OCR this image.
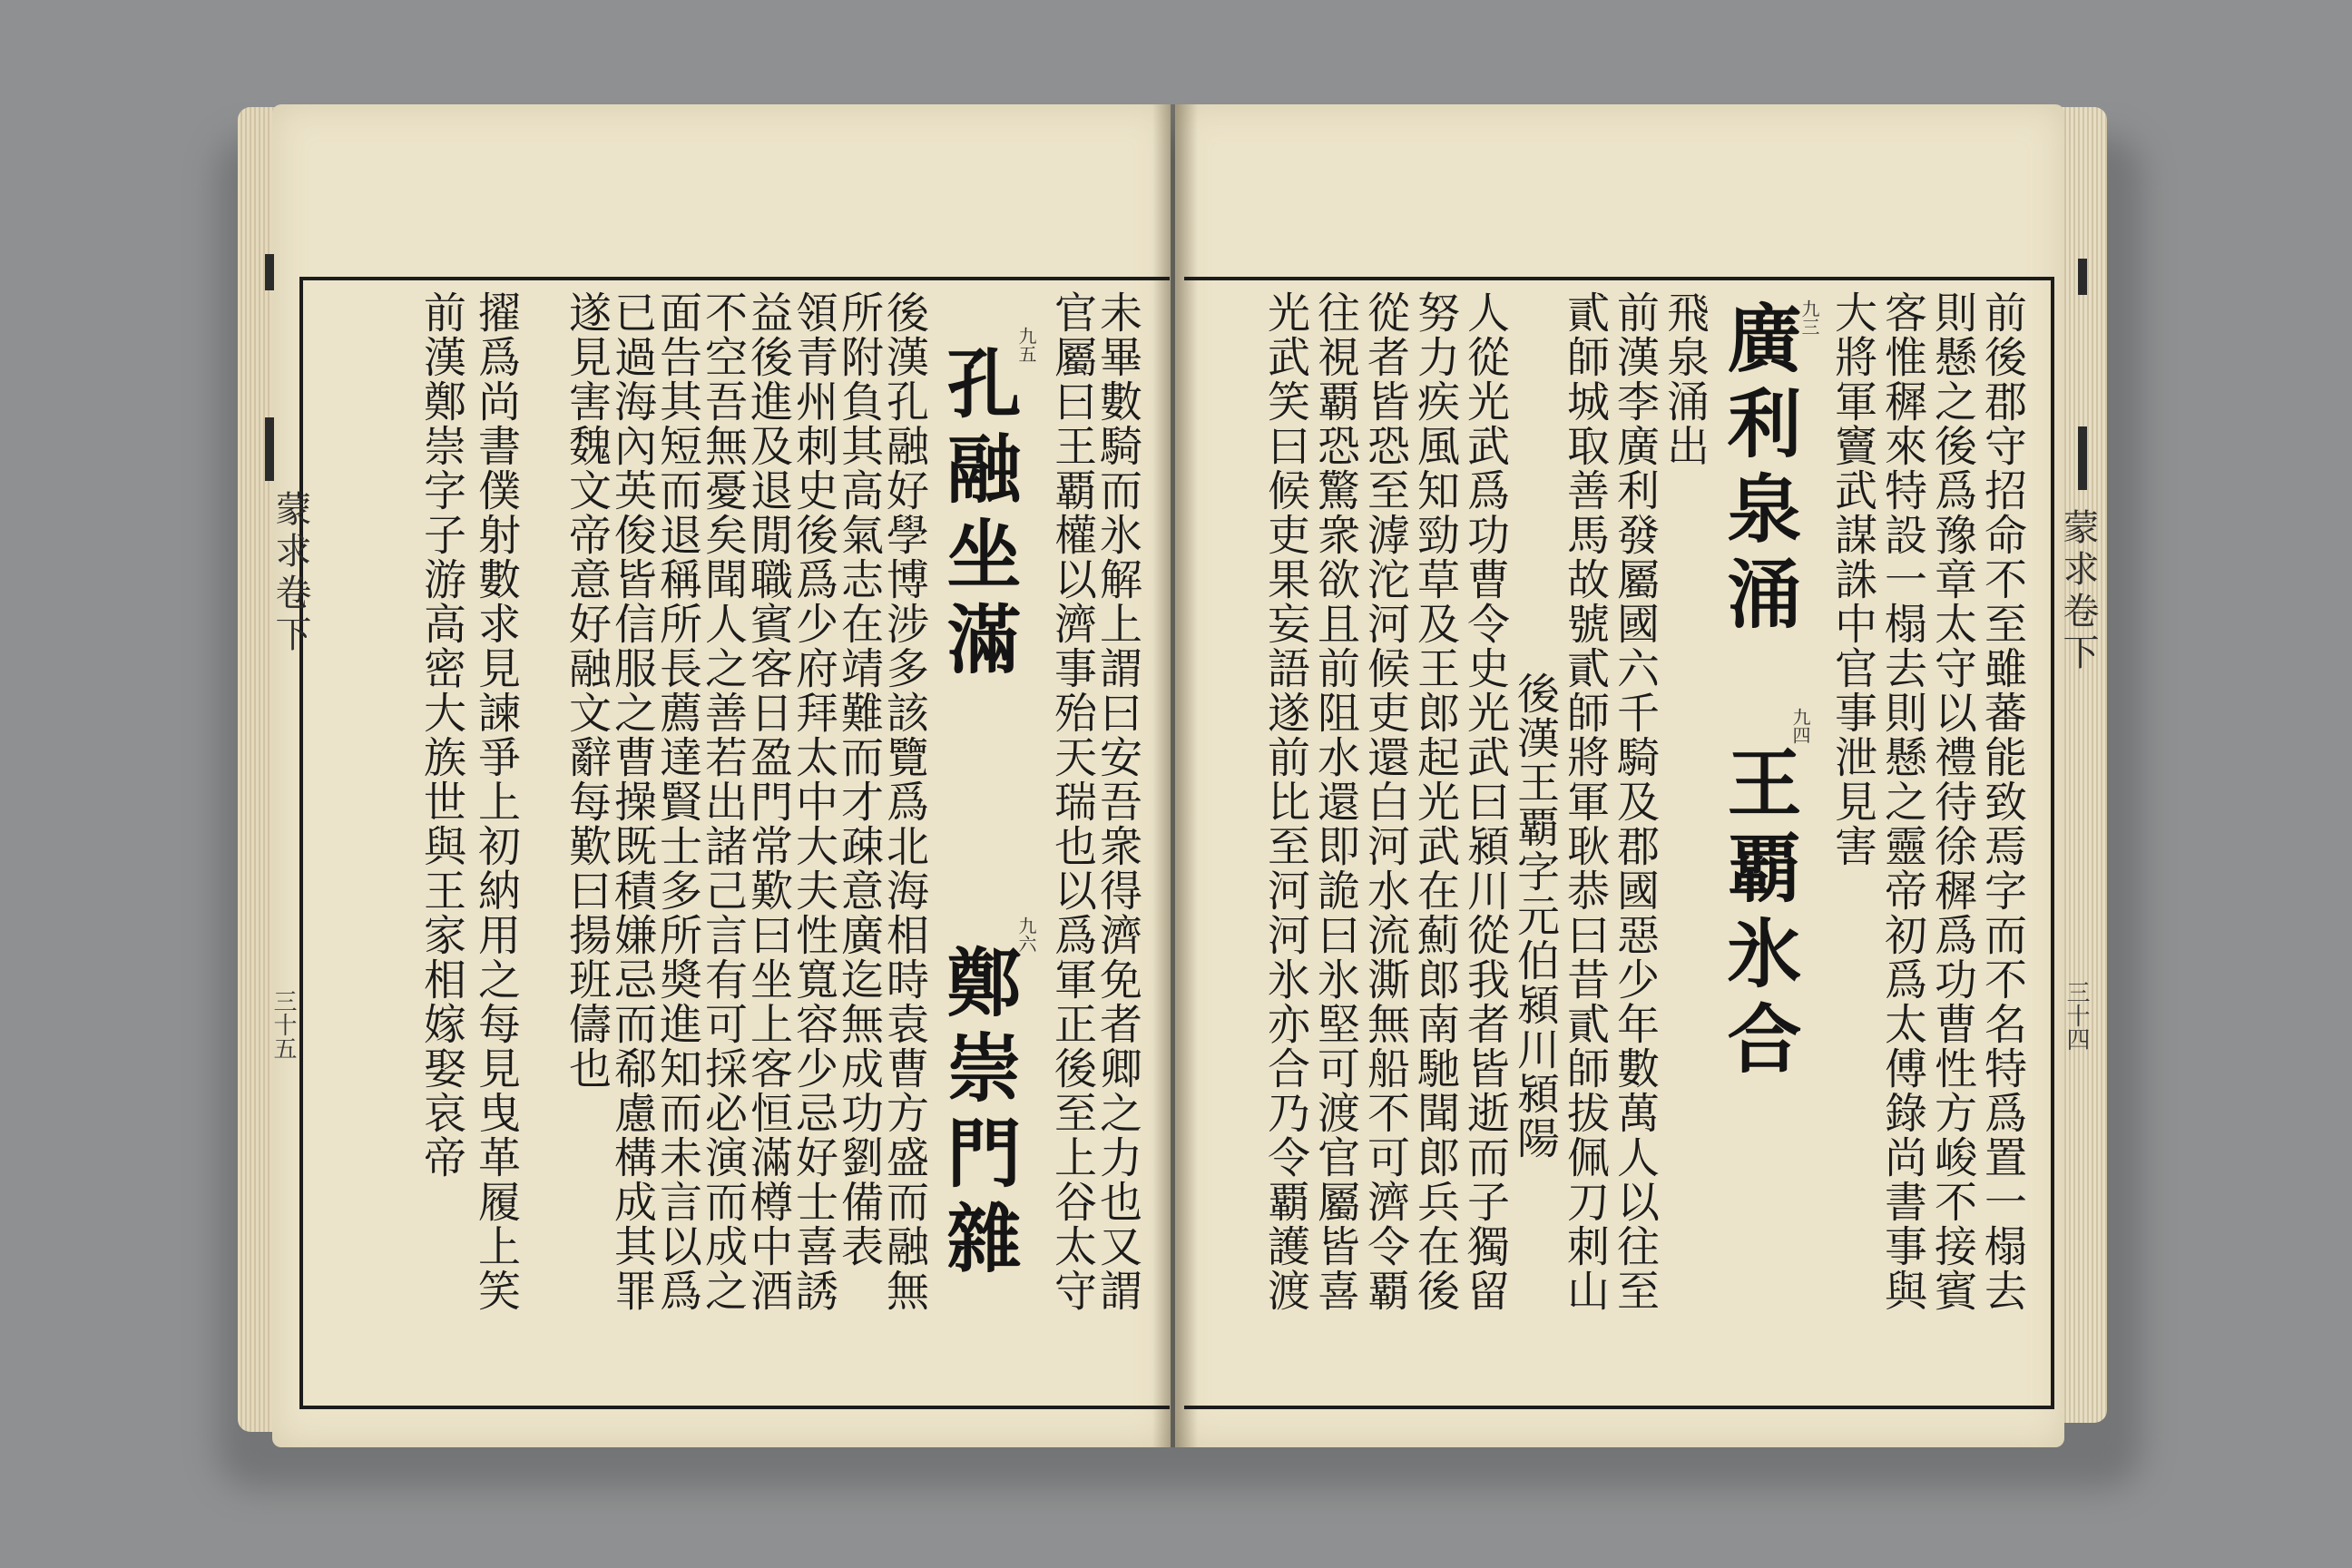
蒙求卷下
三十五
蒙求卷下
三十四
未畢數騎而氷解上謂曰安吾衆得濟免者卿之力也又謂
官屬曰王覇權以濟事殆天瑞也以爲軍正後至上谷太守
九五
孔融坐滿
九六
鄭崇門雜
後漢孔融好學博涉多該覽爲北海相時袁曹方盛而融無
所附負其高氣志在靖難而才疎意廣迄無成功劉備表
領青州刺史後爲少府拜太中大夫性寬容少忌好士喜誘
益後進及退閒職賓客日盈門常歎曰坐上客恒滿樽中酒
不空吾無憂矣聞人之善若出諸己言有可採必演而成之
面告其短而退稱所長薦達賢士多所奬進知而未言以爲
已過海內英俊皆信服之曹操既積嫌忌而郗慮構成其罪
遂見害魏文帝意好融文辭每歎曰揚班儔也
擢爲尚書僕射數求見諫爭上初納用之每見曳革履上笑
前漢鄭崇字子游高密大族世與王家相嫁娶哀帝	前後郡守招命不至雖蕃能致焉字而不名特爲置一榻去
則懸之後爲豫章太守以禮待徐穉爲功曹性方峻不接賓
客惟穉來特設一榻去則懸之靈帝初爲太傅錄尚書事與
大將軍竇武謀誅中官事泄見害
九三
廣利泉涌
飛泉涌出
九四
王覇氷合
前漢李廣利發屬國六千騎及郡國惡少年數萬人以往至
貳師城取善馬故號貳師將軍耿恭曰昔貳師拔佩刀刺山
後漢王覇字元伯潁川潁陽
人從光武爲功曹令史光武曰潁川從我者皆逝而子獨留
努力疾風知勁草及王郎起光武在薊郎南馳聞郎兵在後
從者皆恐至滹沱河候吏還白河水流澌無船不可濟令覇
往視覇恐驚衆欲且前阻水還即詭曰氷堅可渡官屬皆喜
光武笑曰候吏果妄語遂前比至河河氷亦合乃令覇護渡
